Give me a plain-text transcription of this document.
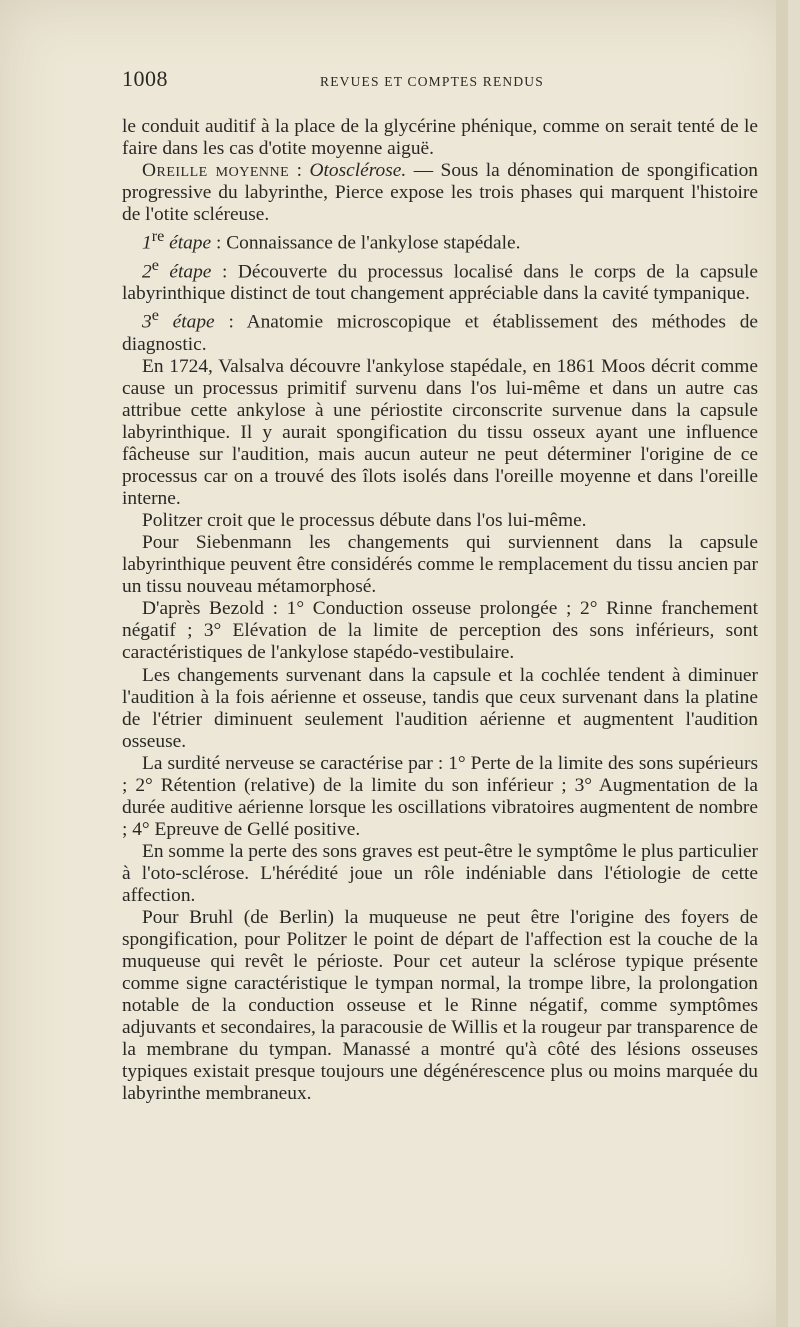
1008	REVUES ET COMPTES RENDUS

le conduit auditif à la place de la glycérine phénique, comme on serait tenté de le faire dans les cas d'otite moyenne aiguë.

Oreille moyenne : Otosclérose. — Sous la dénomination de spongification progressive du labyrinthe, Pierce expose les trois phases qui marquent l'histoire de l'otite scléreuse.

1re étape : Connaissance de l'ankylose stapédale.

2e étape : Découverte du processus localisé dans le corps de la capsule labyrinthique distinct de tout changement appréciable dans la cavité tympanique.

3e étape : Anatomie microscopique et établissement des méthodes de diagnostic.

En 1724, Valsalva découvre l'ankylose stapédale, en 1861 Moos décrit comme cause un processus primitif survenu dans l'os lui-même et dans un autre cas attribue cette ankylose à une périostite circonscrite survenue dans la capsule labyrinthique. Il y aurait spongification du tissu osseux ayant une influence fâcheuse sur l'audition, mais aucun auteur ne peut déterminer l'origine de ce processus car on a trouvé des îlots isolés dans l'oreille moyenne et dans l'oreille interne.

Politzer croit que le processus débute dans l'os lui-même.

Pour Siebenmann les changements qui surviennent dans la capsule labyrinthique peuvent être considérés comme le remplacement du tissu ancien par un tissu nouveau métamorphosé.

D'après Bezold : 1° Conduction osseuse prolongée ; 2° Rinne franchement négatif ; 3° Elévation de la limite de perception des sons inférieurs, sont caractéristiques de l'ankylose stapédo-vestibulaire.

Les changements survenant dans la capsule et la cochlée tendent à diminuer l'audition à la fois aérienne et osseuse, tandis que ceux survenant dans la platine de l'étrier diminuent seulement l'audition aérienne et augmentent l'audition osseuse.

La surdité nerveuse se caractérise par : 1° Perte de la limite des sons supérieurs ; 2° Rétention (relative) de la limite du son inférieur ; 3° Augmentation de la durée auditive aérienne lorsque les oscillations vibratoires augmentent de nombre ; 4° Epreuve de Gellé positive.

En somme la perte des sons graves est peut-être le symptôme le plus particulier à l'oto-sclérose. L'hérédité joue un rôle indéniable dans l'étiologie de cette affection.

Pour Bruhl (de Berlin) la muqueuse ne peut être l'origine des foyers de spongification, pour Politzer le point de départ de l'affection est la couche de la muqueuse qui revêt le périoste. Pour cet auteur la sclérose typique présente comme signe caractéristique le tympan normal, la trompe libre, la prolongation notable de la conduction osseuse et le Rinne négatif, comme symptômes adjuvants et secondaires, la paracousie de Willis et la rougeur par transparence de la membrane du tympan. Manassé a montré qu'à côté des lésions osseuses typiques existait presque toujours une dégénérescence plus ou moins marquée du labyrinthe membraneux.
